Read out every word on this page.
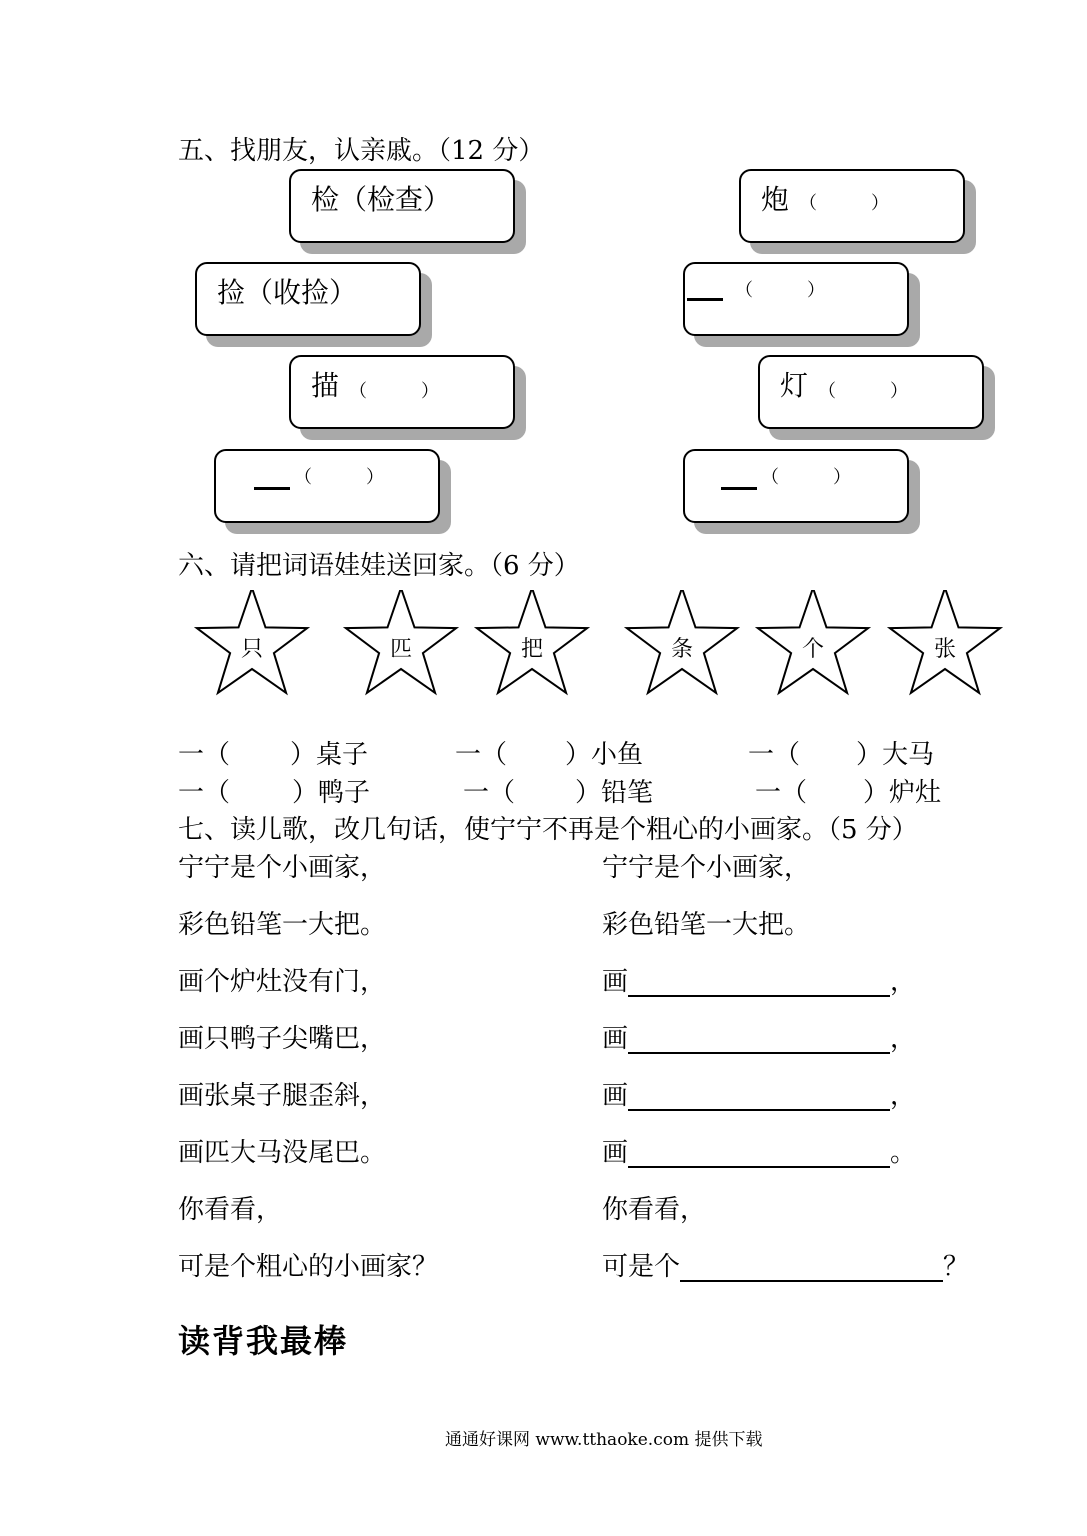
五、找朋友，认亲戚。（12 分）
检（检查）
捡（收捡）
描 （　　　）
（　　　）
炮 （　　　）
（　　　）
灯 （　　　）
（　　　）
六、请把词语娃娃送回家。（6 分）
只	匹	把	条	个	张
一（ ）桌子	一（ ）小鱼	一（ ）大马
一（ ）鸭子	一（ ）铅笔	一（ ）炉灶
七、读儿歌，改几句话，使宁宁不再是个粗心的小画家。（5 分）
宁宁是个小画家，
彩色铅笔一大把。
画个炉灶没有门，
画只鸭子尖嘴巴，
画张桌子腿歪斜，
画匹大马没尾巴。
你看看，
可是个粗心的小画家？
宁宁是个小画家，
彩色铅笔一大把。
画	，
画	，
画	，
画	。
你看看，
可是个	？
读背我最棒
通通好课网 www.tthaoke.com 提供下载
